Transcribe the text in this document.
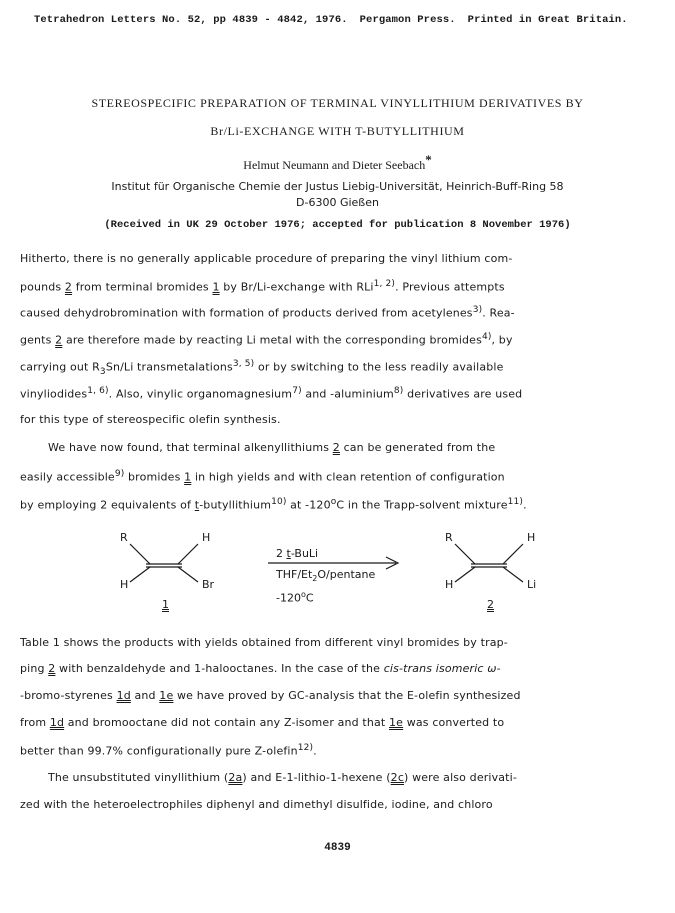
Tetrahedron Letters No. 52, pp 4839 - 4842, 1976. Pergamon Press. Printed in Great Britain.
STEREOSPECIFIC PREPARATION OF TERMINAL VINYLLITHIUM DERIVATIVES BY
Br/Li-EXCHANGE WITH T-BUTYLLITHIUM
Helmut Neumann and Dieter Seebach*
Institut für Organische Chemie der Justus Liebig-Universität, Heinrich-Buff-Ring 58
D-6300 Gießen
(Received in UK 29 October 1976; accepted for publication 8 November 1976)
Hitherto, there is no generally applicable procedure of preparing the vinyl lithium com-
pounds 2 from terminal bromides 1 by Br/Li-exchange with RLi$^{1, 2)}$. Previous attempts
caused dehydrobromination with formation of products derived from acetylenes$^{3)}$. Rea-
gents 2 are therefore made by reacting Li metal with the corresponding bromides$^{4)}$, by
carrying out $R_3Sn/Li$ transmetalations$^{3, 5)}$ or by switching to the less readily available
vinyliodides$^{1, 6)}$. Also, vinylic organomagnesium$^{7)}$ and -aluminium$^{8)}$ derivatives are used
for this type of stereospecific olefin synthesis.
We have now found, that terminal alkenyllithiums 2 can be generated from the
easily accessible$^{9)}$ bromides 1 in high yields and with clean retention of configuration
by employing 2 equivalents of t-butyllithium$^{10)}$ at -120$^o$C in the Trapp-solvent mixture$^{11)}$.
R	H
H	Br
1
2 t-BuLi
THF/$Et_2O$/pentane
-120$^o$C
R	H
H	Li
2
Table 1 shows the products with yields obtained from different vinyl bromides by trap-
ping 2 with benzaldehyde and 1-halooctanes. In the case of the cis-trans isomeric ω-
-bromo-styrenes 1d and 1e we have proved by GC-analysis that the E-olefin synthesized
from 1d and bromooctane did not contain any Z-isomer and that 1e was converted to
better than 99.7% configurationally pure Z-olefin$^{12)}$.
The unsubstituted vinyllithium (2a) and E-1-lithio-1-hexene (2c) were also derivati-
zed with the heteroelectrophiles diphenyl and dimethyl disulfide, iodine, and chloro
4839
